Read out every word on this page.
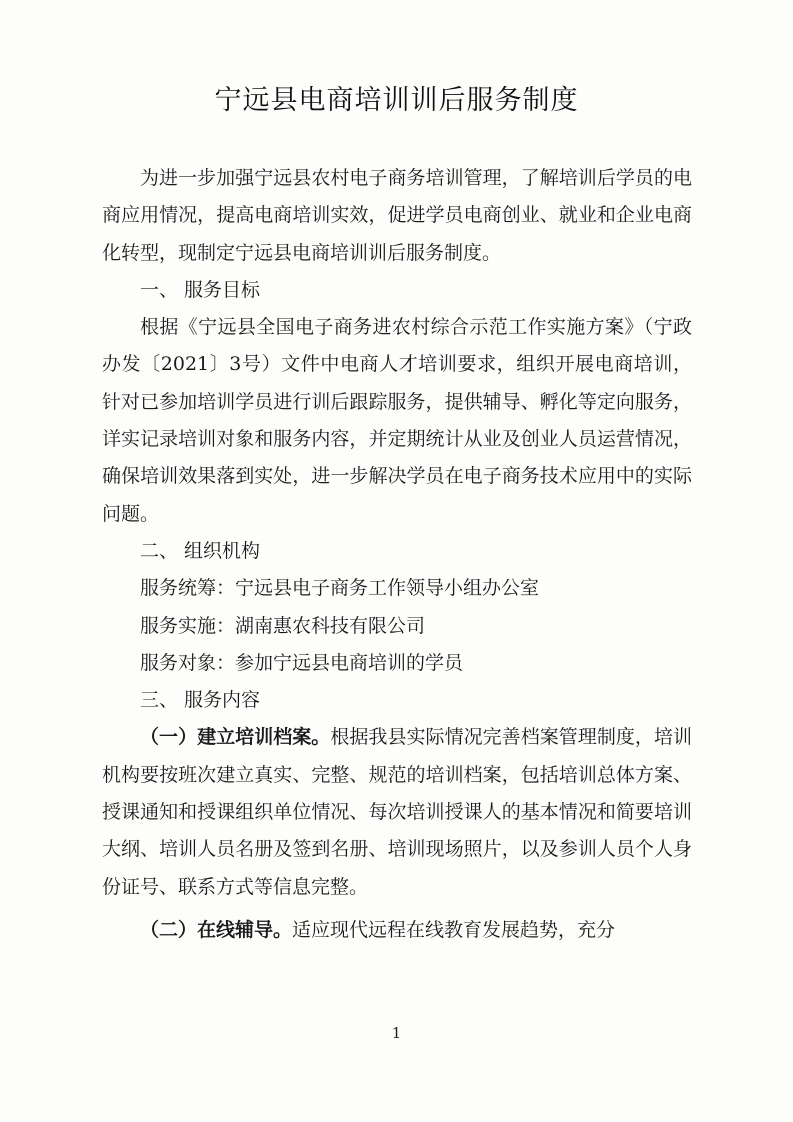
宁远县电商培训训后服务制度

为进一步加强宁远县农村电子商务培训管理，了解培训后学员的电商应用情况，提高电商培训实效，促进学员电商创业、就业和企业电商化转型，现制定宁远县电商培训训后服务制度。

一、 服务目标

根据《宁远县全国电子商务进农村综合示范工作实施方案》（宁政办发〔2021〕3号）文件中电商人才培训要求，组织开展电商培训，针对已参加培训学员进行训后跟踪服务，提供辅导、孵化等定向服务，详实记录培训对象和服务内容，并定期统计从业及创业人员运营情况，确保培训效果落到实处，进一步解决学员在电子商务技术应用中的实际问题。

二、 组织机构

服务统筹：宁远县电子商务工作领导小组办公室

服务实施：湖南惠农科技有限公司

服务对象：参加宁远县电商培训的学员

三、 服务内容

（一）建立培训档案。根据我县实际情况完善档案管理制度，培训机构要按班次建立真实、完整、规范的培训档案，包括培训总体方案、授课通知和授课组织单位情况、每次培训授课人的基本情况和简要培训大纲、培训人员名册及签到名册、培训现场照片，以及参训人员个人身份证号、联系方式等信息完整。

（二）在线辅导。适应现代远程在线教育发展趋势，充分

1
